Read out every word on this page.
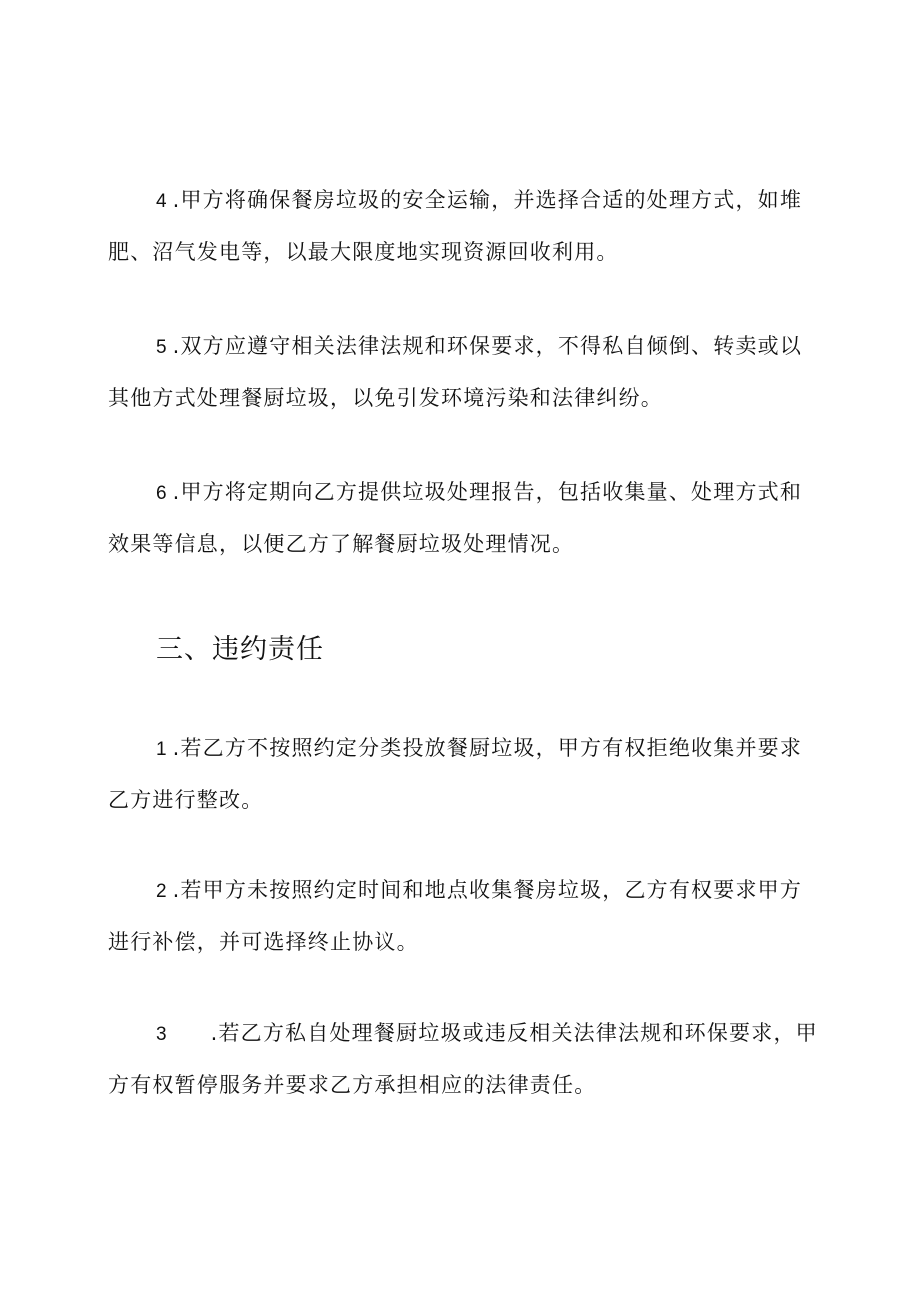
4 .甲方将确保餐房垃圾的安全运输，并选择合适的处理方式，如堆肥、沼气发电等，以最大限度地实现资源回收利用。

5 .双方应遵守相关法律法规和环保要求，不得私自倾倒、转卖或以其他方式处理餐厨垃圾，以免引发环境污染和法律纠纷。

6 .甲方将定期向乙方提供垃圾处理报告，包括收集量、处理方式和效果等信息，以便乙方了解餐厨垃圾处理情况。

三、违约责任

1 .若乙方不按照约定分类投放餐厨垃圾，甲方有权拒绝收集并要求乙方进行整改。

2 .若甲方未按照约定时间和地点收集餐房垃圾，乙方有权要求甲方进行补偿，并可选择终止协议。

3 .若乙方私自处理餐厨垃圾或违反相关法律法规和环保要求，甲方有权暂停服务并要求乙方承担相应的法律责任。
